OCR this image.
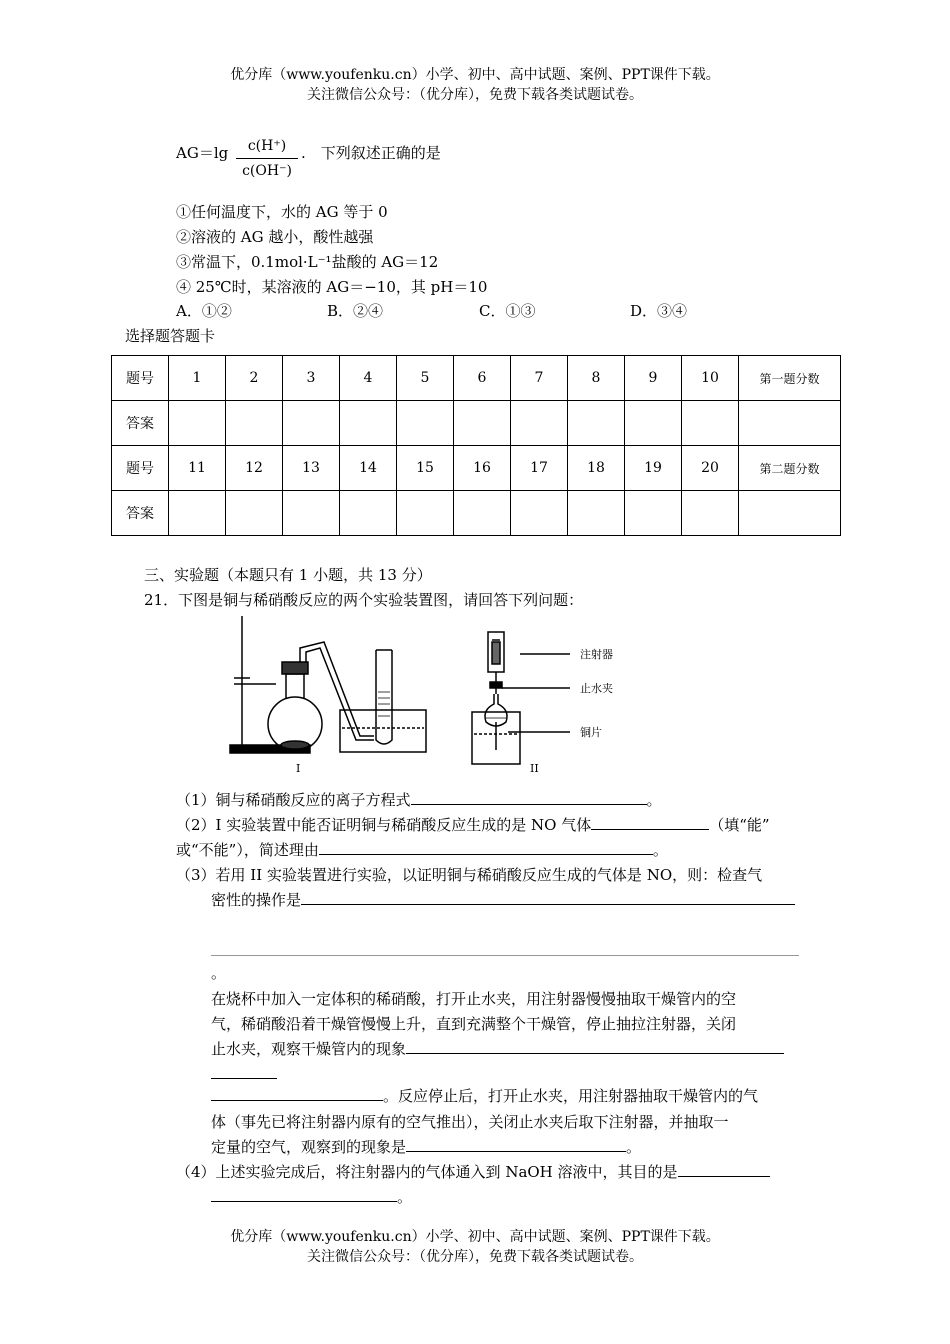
优分库（www.youfenku.cn）小学、初中、高中试题、案例、PPT课件下载。
关注微信公众号：（优分库），免费下载各类试题试卷。
AG＝lg	c(H⁺)
c(OH⁻)
.　下列叙述正确的是
①任何温度下，水的 AG 等于 0
②溶液的 AG 越小，酸性越强
③常温下，0.1mol·L⁻¹盐酸的 AG＝12
④ 25℃时，某溶液的 AG＝−10，其 pH＝10
A．①②	B．②④	C．①③	D．③④
选择题答题卡
题号	1	2	3	4	5	6	7	8	9	10	第一题分数
答案											
题号	11	12	13	14	15	16	17	18	19	20	第二题分数
答案											
三、实验题（本题只有 1 小题，共 13 分）
21．下图是铜与稀硝酸反应的两个实验装置图，请回答下列问题：
I
注射器
止水夹
铜片
II
（1）铜与稀硝酸反应的离子方程式	。
（2）I 实验装置中能否证明铜与稀硝酸反应生成的是 NO 气体	（填“能”
或“不能”），简述理由	。
（3）若用 II 实验装置进行实验，以证明铜与稀硝酸反应生成的气体是 NO，则：检查气
密性的操作是
。
在烧杯中加入一定体积的稀硝酸，打开止水夹，用注射器慢慢抽取干燥管内的空
气，稀硝酸沿着干燥管慢慢上升，直到充满整个干燥管，停止抽拉注射器，关闭
止水夹，观察干燥管内的现象
。反应停止后，打开止水夹，用注射器抽取干燥管内的气
体（事先已将注射器内原有的空气推出），关闭止水夹后取下注射器，并抽取一
定量的空气，观察到的现象是	。
（4）上述实验完成后，将注射器内的气体通入到 NaOH 溶液中，其目的是
。
优分库（www.youfenku.cn）小学、初中、高中试题、案例、PPT课件下载。
关注微信公众号：（优分库），免费下载各类试题试卷。
